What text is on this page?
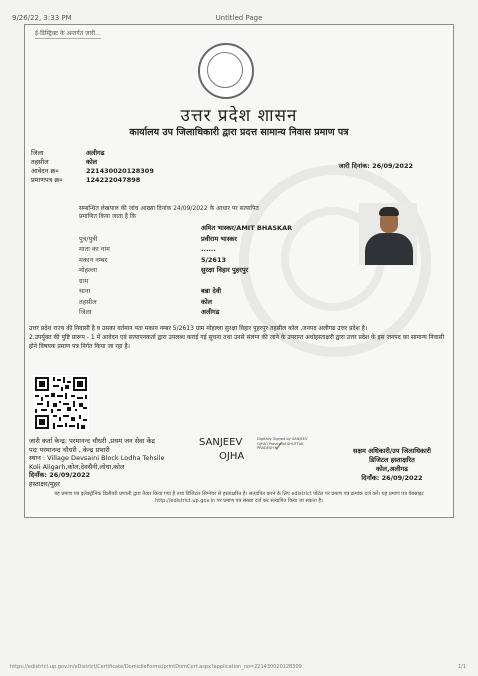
9/26/22, 3:33 PM	Untitled Page
ई-डिस्ट्रिक्ट के अन्तर्गत जारी...
उत्तर प्रदेश शासन
कार्यालय उप जिलाधिकारी द्वारा प्रदत्त सामान्य निवास प्रमाण पत्र
जिला	अलीगढ
तहसील	कोल
आवेदन क्र०	221430020128309
प्रमाणपत्र क्र०	124222047898
जारी दिनांक: 26/09/2022
सम्बन्धित लेखपाल की जांच आख्या दिनांक 24/09/2022 के आधार पर सत्यापित प्रमाणित किया जाता है कि
अमित भास्कर/AMIT BHASKAR
पुत्र/पुत्री	प्रवीराम भास्कर
माता का नाम	......
मकान नम्बर	5/2613
मोहल्ला	सुरक्षा विहार पुहरपुर
ग्राम
थाना	बन्ना देवी
तहसील	कोल
जिला	अलीगढ
उत्तर प्रदेश राज्य की निवासी है व उसका वर्तमान पता मकान नम्बर 5/2613 ग्राम मोहल्ला सुरक्षा विहार पुहरपुर तहसील कोल ,जनपद अलीगढ उत्तर प्रदेश है।
2.उपर्युक्त की पुष्टि प्रारूप - 1 में आवेदन एवं सत्यापनकर्ता द्वारा उपलब्ध कराई गई सूचना तथा उनसे संलग्न की जाने के उपरान्त अधोहस्ताक्षरी द्वारा उत्तर प्रदेश के इस जनपद का सामान्य निवासी होने विषयक प्रमाण पत्र निर्गत किया जा रहा है।
जारी कर्ता केन्द्र: परमानन्द चौधरी ,प्रथम जन सेवा केंद्र
पदः परमानन्द चौधरी , केन्द्र प्रभारी
स्थान : Village Devsaini Block Lodha Tehsile
Koli Aligarh,कोल,देवसैनी,लोधा,कोल
दिनाँक: 26/09/2022
हस्ताक्षर/मुहर
✓
SANJEEV
OJHA
Digitally Signed by SANJEEV OJHA (Provincial SHUTTAK PRADESH	सक्षम अधिकारी/उप जिलाधिकारी
डिजिटल हस्ताक्षरित
कोल,अलीगढ
दिनाँक: 26/09/2022
यह प्रमाण पत्र इलेक्ट्रॉनिक डिलीवरी प्रणाली द्वारा तैयार किया गया है तथा डिजिटल सिग्नेचर से हस्ताक्षरित है। सत्यापित करने के लिए edistrict पोर्टल पर प्रमाण पत्र क्रमांक दर्ज करें। यह प्रमाण पत्र वेबसाइट http://edistrict.up.gov.in पर प्रमाण पत्र संख्या दर्ज कर सत्यापित किया जा सकता है।
https://edistrict.up.gov.in/eDistrict/Certificate/DomicileForms/printDomCert.aspx?application_no=221430020128309	1/1
